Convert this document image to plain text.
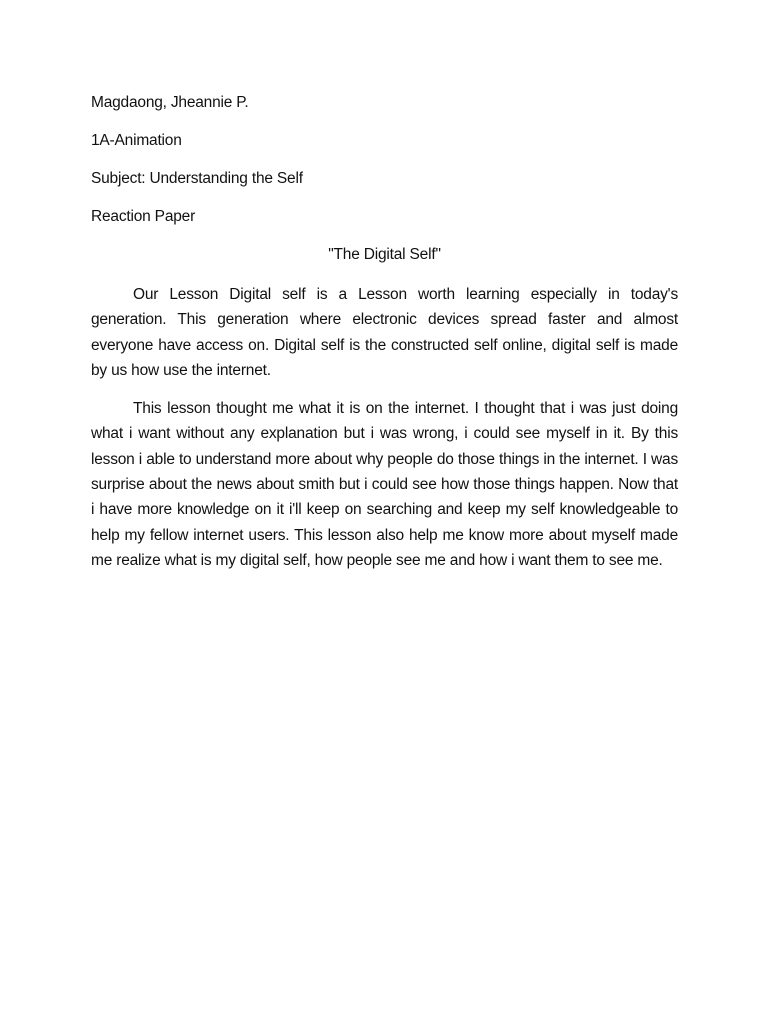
Magdaong, Jheannie P.

1A-Animation

Subject: Understanding the Self

Reaction Paper

"The Digital Self"

Our Lesson Digital self is a Lesson worth learning especially in today's generation. This generation where electronic devices spread faster and almost everyone have access on. Digital self is the constructed self online, digital self is made by us how use the internet.

This lesson thought me what it is on the internet. I thought that i was just doing what i want without any explanation but i was wrong, i could see myself in it. By this lesson i able to understand more about why people do those things in the internet. I was surprise about the news about smith but i could see how those things happen. Now that i have more knowledge on it i'll keep on searching and keep my self knowledgeable to help my fellow internet users. This lesson also help me know more about myself made me realize what is my digital self, how people see me and how i want them to see me.
